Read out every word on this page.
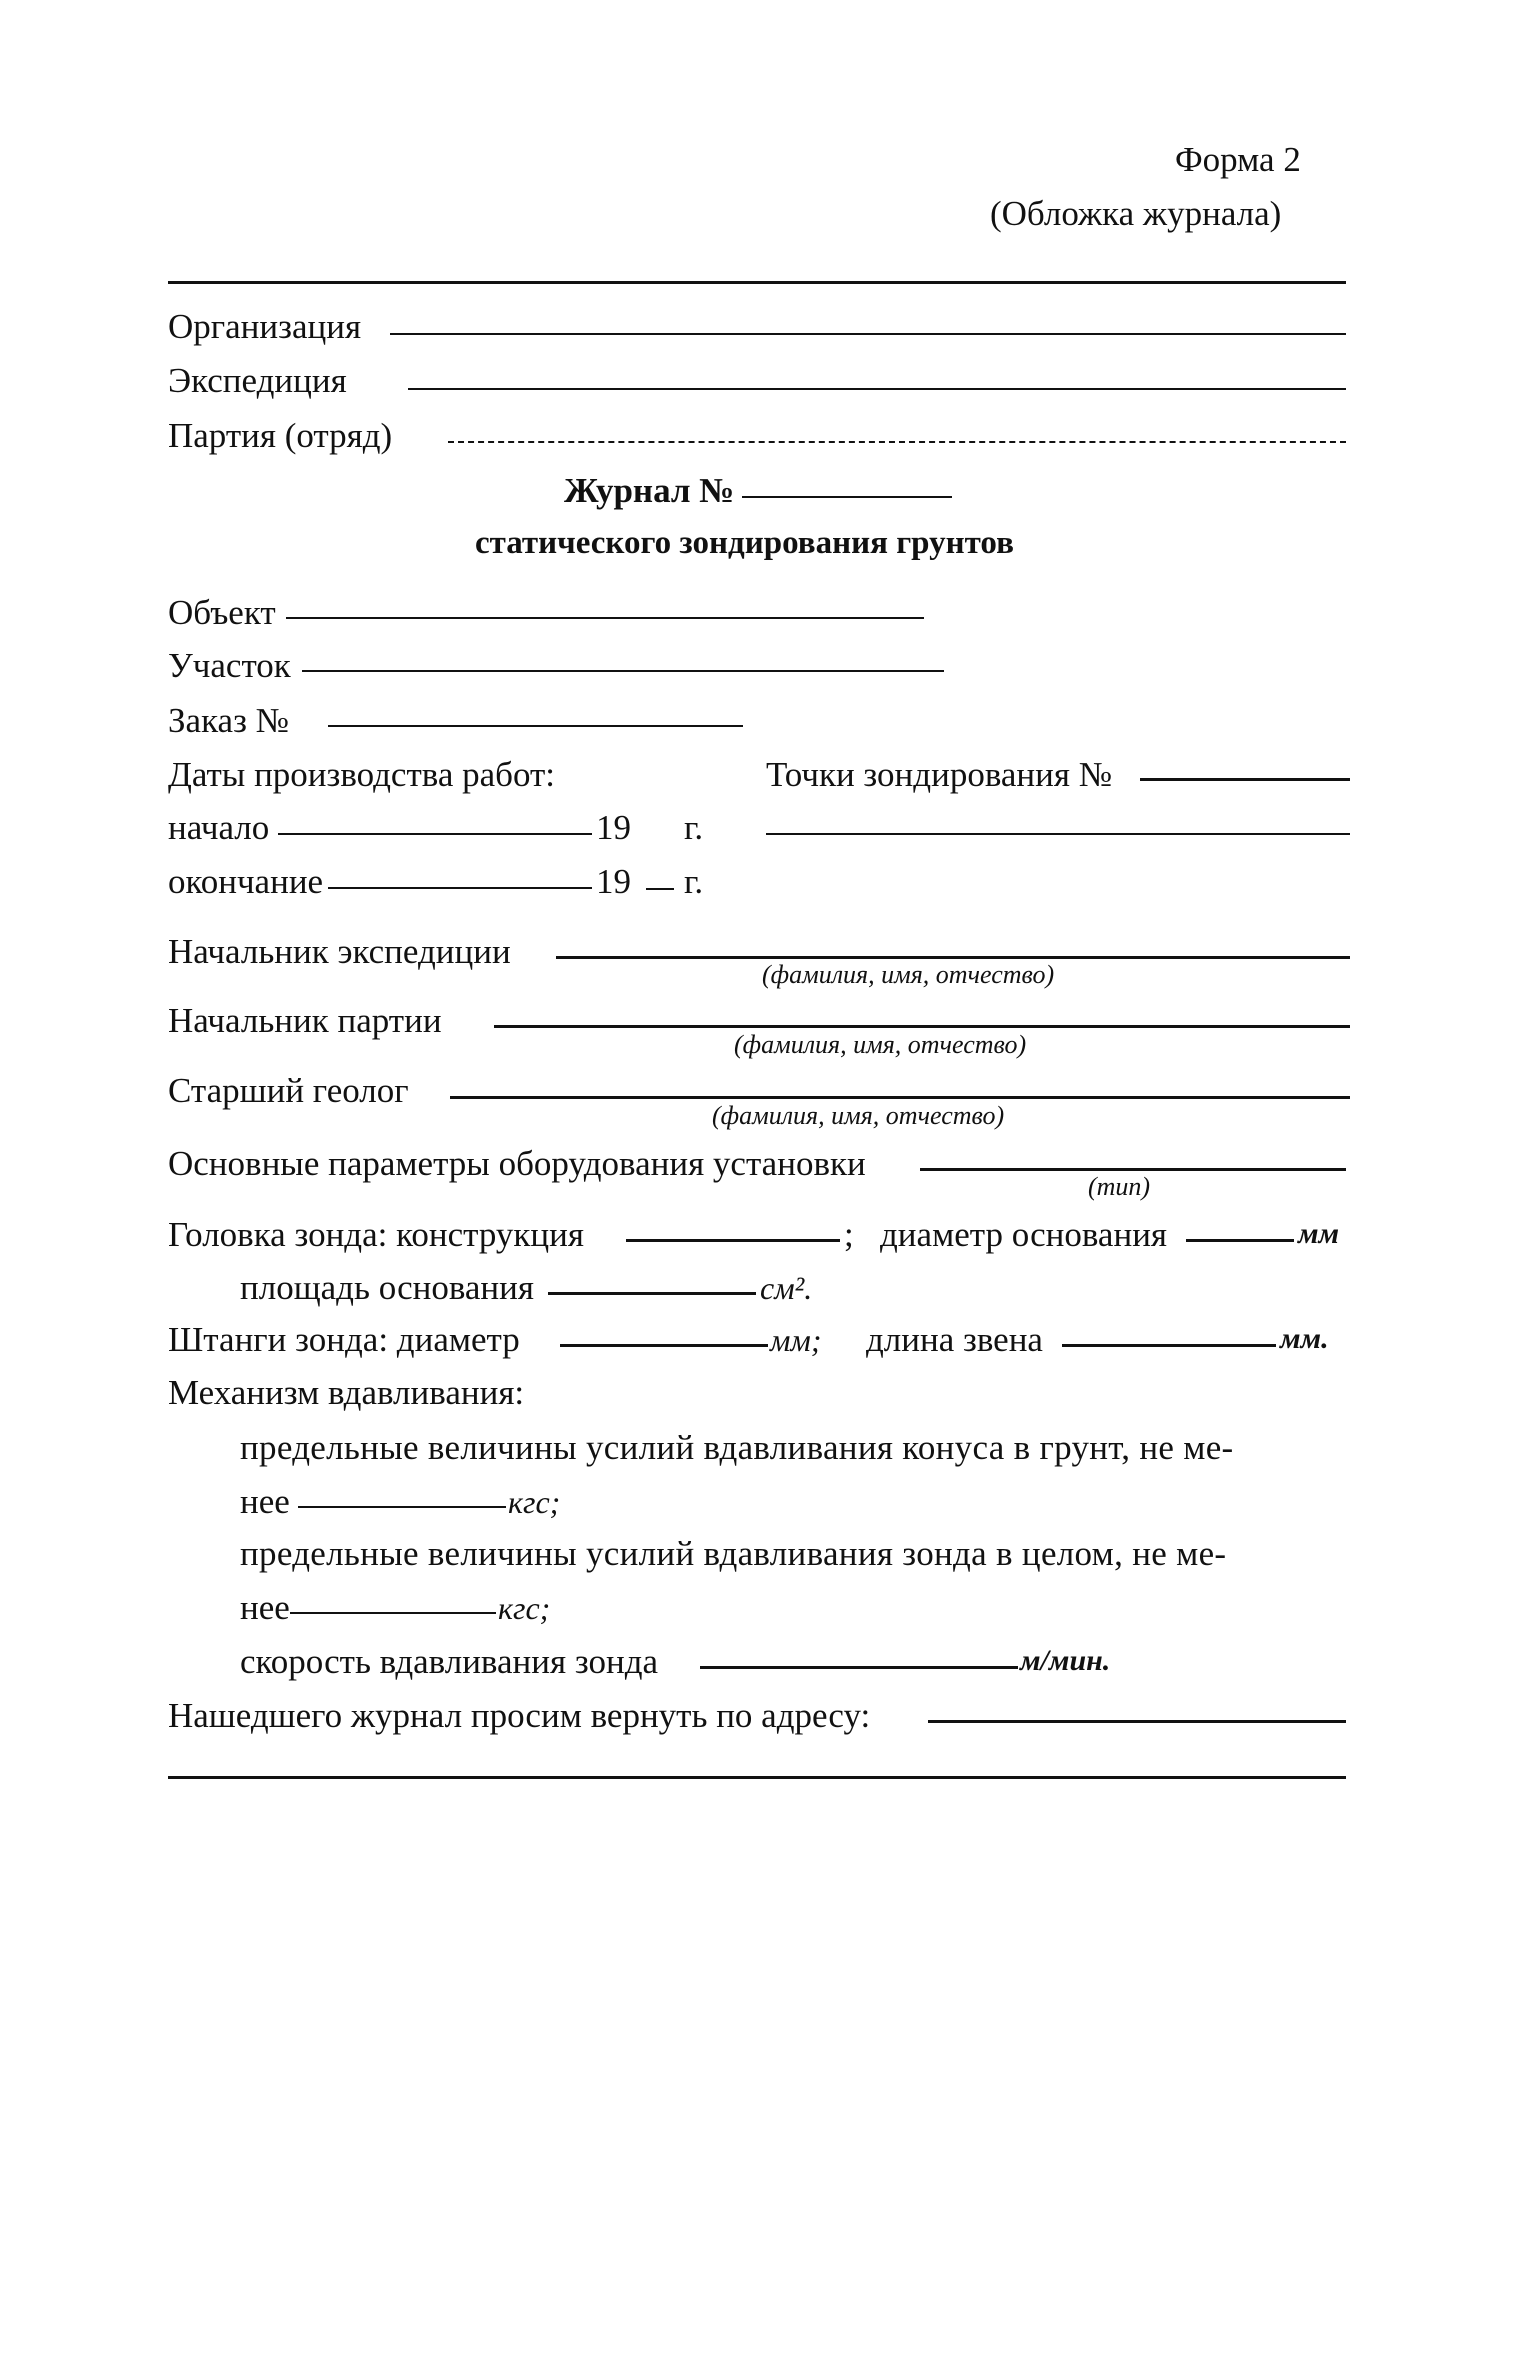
Форма 2
(Обложка журнала)
Организация
Экспедиция
Партия (отряд)
Журнал №
статического зондирования грунтов
Объект
Участок
Заказ №
Даты производства работ:	Точки зондирования №
начало	19 г.
окончание	19 г.
Начальник экспедиции
(фамилия, имя, отчество)
Начальник партии
(фамилия, имя, отчество)
Старший геолог
(фамилия, имя, отчество)
Основные параметры оборудования установки
(тип)
Головка зонда: конструкция	; диаметр основания	мм
площадь основания	см².
Штанги зонда: диаметр	мм; длина звена	мм.
Механизм вдавливания:
предельные величины усилий вдавливания конуса в грунт, не ме-
нее	кгс;
предельные величины усилий вдавливания зонда в целом, не ме-
нее	кгс;
скорость вдавливания зонда	м/мин.
Нашедшего журнал просим вернуть по адресу:
